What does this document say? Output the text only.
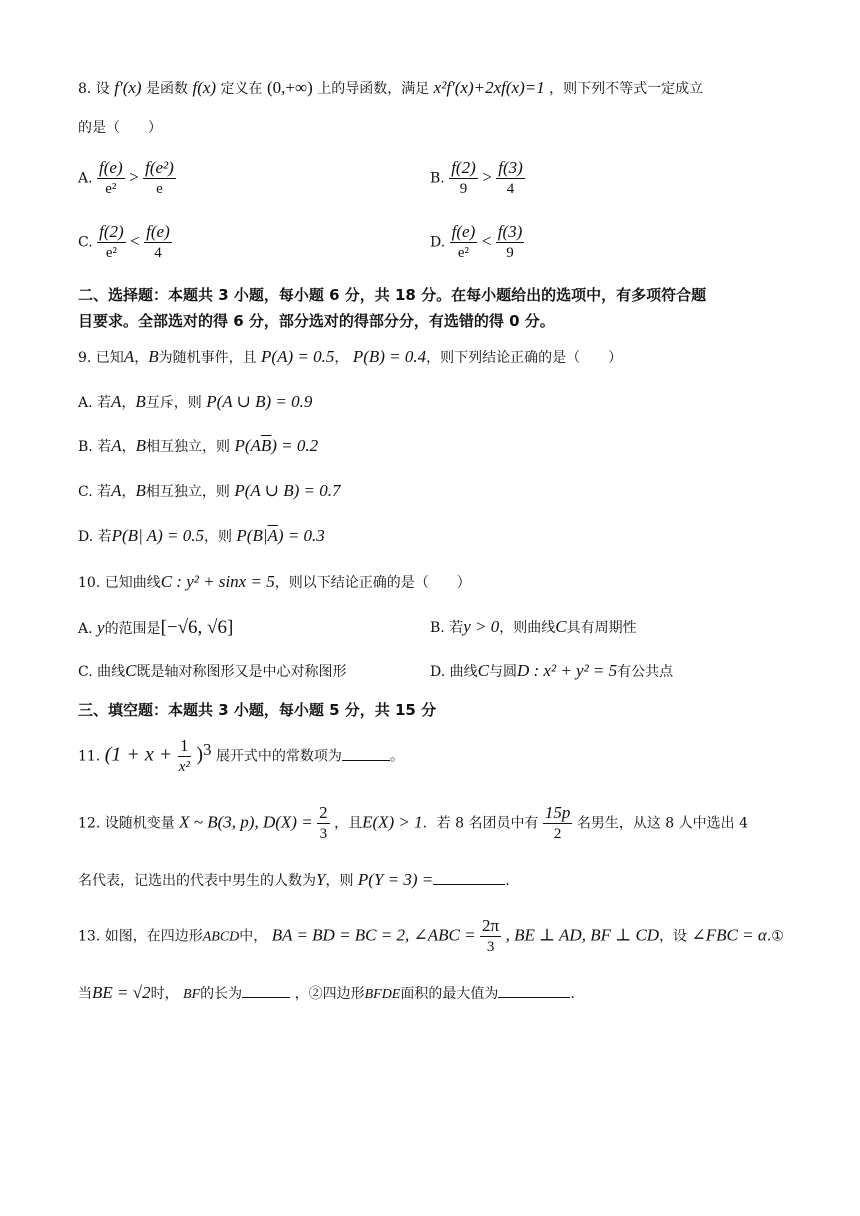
8. 设 f′(x) 是函数 f(x) 定义在 (0,+∞) 上的导函数，满足 x²f′(x)+2xf(x)=1 ，则下列不等式一定成立
的是（　　）
A. $\frac{f(e)}{\text{e²}} > \frac{\text{f(e²)}}{e}$	B. $\frac{f(2)}{9} > \frac{f(3)}{4}$
C. $\frac{f(2)}{\text{e²}} < \frac{f(e)}{4}$	D. $\frac{f(e)}{\text{e²}} < \frac{f(3)}{9}$
二、选择题：本题共 3 小题，每小题 6 分，共 18 分。在每小题给出的选项中，有多项符合题
目要求。全部选对的得 6 分，部分选对的得部分分，有选错的得 0 分。
9. 已知A，B为随机事件，且 P(A) = 0.5， P(B) = 0.4，则下列结论正确的是（　　）
A. 若A，B互斥，则 P(A ∪ B) = 0.9
B. 若A，B相互独立，则 $P(A\overline{B}) = 0.2$
C. 若A，B相互独立，则 P(A ∪ B) = 0.7
D. 若P(B| A) = 0.5，则 $P(B|\overline{A}) = 0.3$
10. 已知曲线C : y² + sinx = 5，则以下结论正确的是（　　）
A. y的范围是[−√6, √6]	B. 若y > 0，则曲线C具有周期性
C. 曲线C既是轴对称图形又是中心对称图形	D. 曲线C与圆D : x² + y² = 5有公共点
三、填空题：本题共 3 小题，每小题 5 分，共 15 分
11. $(1 + x + \frac{1}{\text{x²}} )^3$ 展开式中的常数项为	。
12. 设随机变量 X ~ B(3, p), $D(X) = \frac{2}{3}$ ，且E(X) > 1．若 8 名团员中有 $\frac{15p}{2}$ 名男生，从这 8 人中选出 4
名代表，记选出的代表中男生的人数为Y，则 P(Y = 3) =	.
13. 如图，在四边形ABCD中， BA = BD = BC = 2, ∠ABC = $\frac{2\pi}{3}$ , BE ⊥ AD, BF ⊥ CD，设 ∠FBC = α.①
当BE = √2时， BF的长为	，②四边形BFDE面积的最大值为	.
